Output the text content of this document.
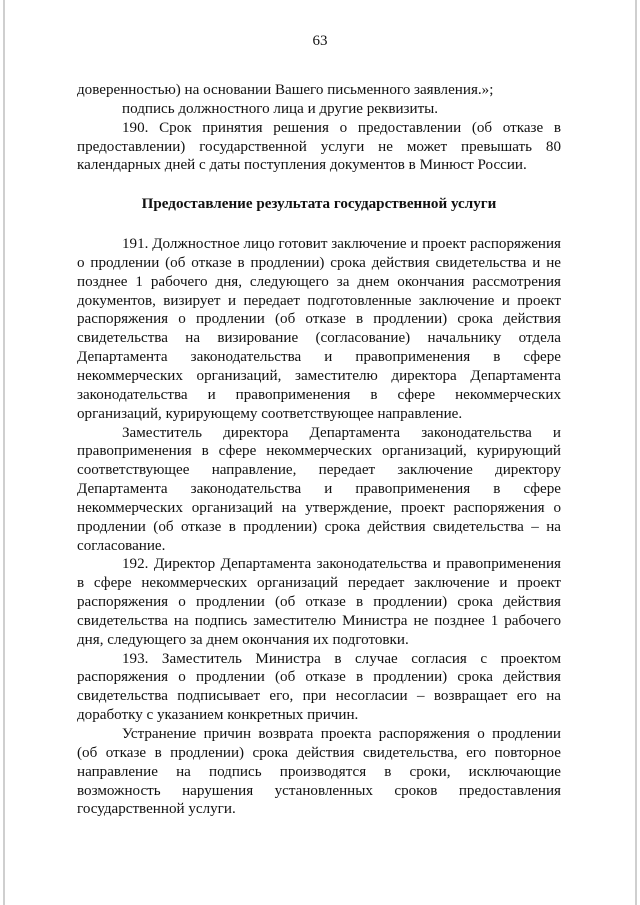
63

доверенностью) на основании Вашего письменного заявления.»;

подпись должностного лица и другие реквизиты.

190. Срок принятия решения о предоставлении (об отказе в предоставлении) государственной услуги не может превышать 80 календарных дней с даты поступления документов в Минюст России.

Предоставление результата государственной услуги

191. Должностное лицо готовит заключение и проект распоряжения о продлении (об отказе в продлении) срока действия свидетельства и не позднее 1 рабочего дня, следующего за днем окончания рассмотрения документов, визирует и передает подготовленные заключение и проект распоряжения о продлении (об отказе в продлении) срока действия свидетельства на визирование (согласование) начальнику отдела Департамента законодательства и правоприменения в сфере некоммерческих организаций, заместителю директора Департамента законодательства и правоприменения в сфере некоммерческих организаций, курирующему соответствующее направление.

Заместитель директора Департамента законодательства и правоприменения в сфере некоммерческих организаций, курирующий соответствующее направление, передает заключение директору Департамента законодательства и правоприменения в сфере некоммерческих организаций на утверждение, проект распоряжения о продлении (об отказе в продлении) срока действия свидетельства – на согласование.

192. Директор Департамента законодательства и правоприменения в сфере некоммерческих организаций передает заключение и проект распоряжения о продлении (об отказе в продлении) срока действия свидетельства на подпись заместителю Министра не позднее 1 рабочего дня, следующего за днем окончания их подготовки.

193. Заместитель Министра в случае согласия с проектом распоряжения о продлении (об отказе в продлении) срока действия свидетельства подписывает его, при несогласии – возвращает его на доработку с указанием конкретных причин.

Устранение причин возврата проекта распоряжения о продлении (об отказе в продлении) срока действия свидетельства, его повторное направление на подпись производятся в сроки, исключающие возможность нарушения установленных сроков предоставления государственной услуги.
